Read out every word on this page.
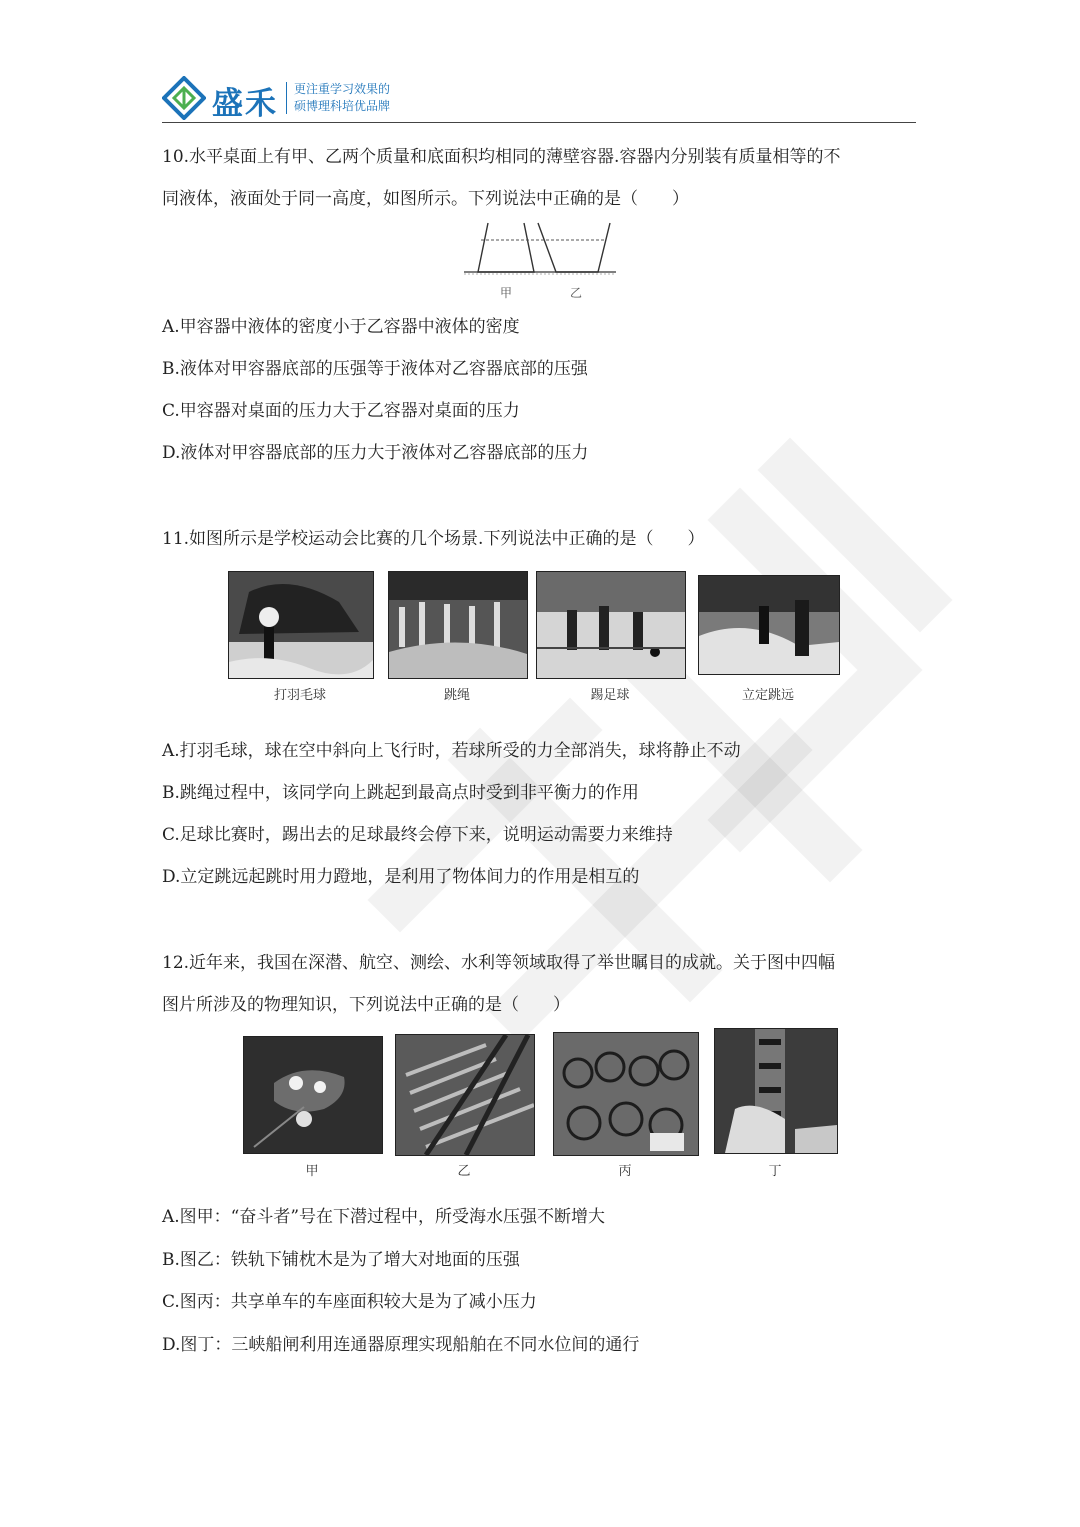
盛禾 更注重学习效果的
硕博理科培优品牌
10.水平桌面上有甲、乙两个质量和底面积均相同的薄壁容器.容器内分别装有质量相等的不
同液体，液面处于同一高度，如图所示。下列说法中正确的是（　　）
甲	乙
A.甲容器中液体的密度小于乙容器中液体的密度
B.液体对甲容器底部的压强等于液体对乙容器底部的压强
C.甲容器对桌面的压力大于乙容器对桌面的压力
D.液体对甲容器底部的压力大于液体对乙容器底部的压力
11.如图所示是学校运动会比赛的几个场景.下列说法中正确的是（　　）
打羽毛球	跳绳	踢足球	立定跳远
A.打羽毛球，球在空中斜向上飞行时，若球所受的力全部消失，球将静止不动
B.跳绳过程中，该同学向上跳起到最高点时受到非平衡力的作用
C.足球比赛时，踢出去的足球最终会停下来，说明运动需要力来维持
D.立定跳远起跳时用力蹬地，是利用了物体间力的作用是相互的
12.近年来，我国在深潜、航空、测绘、水利等领域取得了举世瞩目的成就。关于图中四幅
图片所涉及的物理知识，下列说法中正确的是（　　）
甲	乙	丙	丁
A.图甲：“奋斗者”号在下潜过程中，所受海水压强不断增大
B.图乙：铁轨下铺枕木是为了增大对地面的压强
C.图丙：共享单车的车座面积较大是为了减小压力
D.图丁：三峡船闸利用连通器原理实现船舶在不同水位间的通行
